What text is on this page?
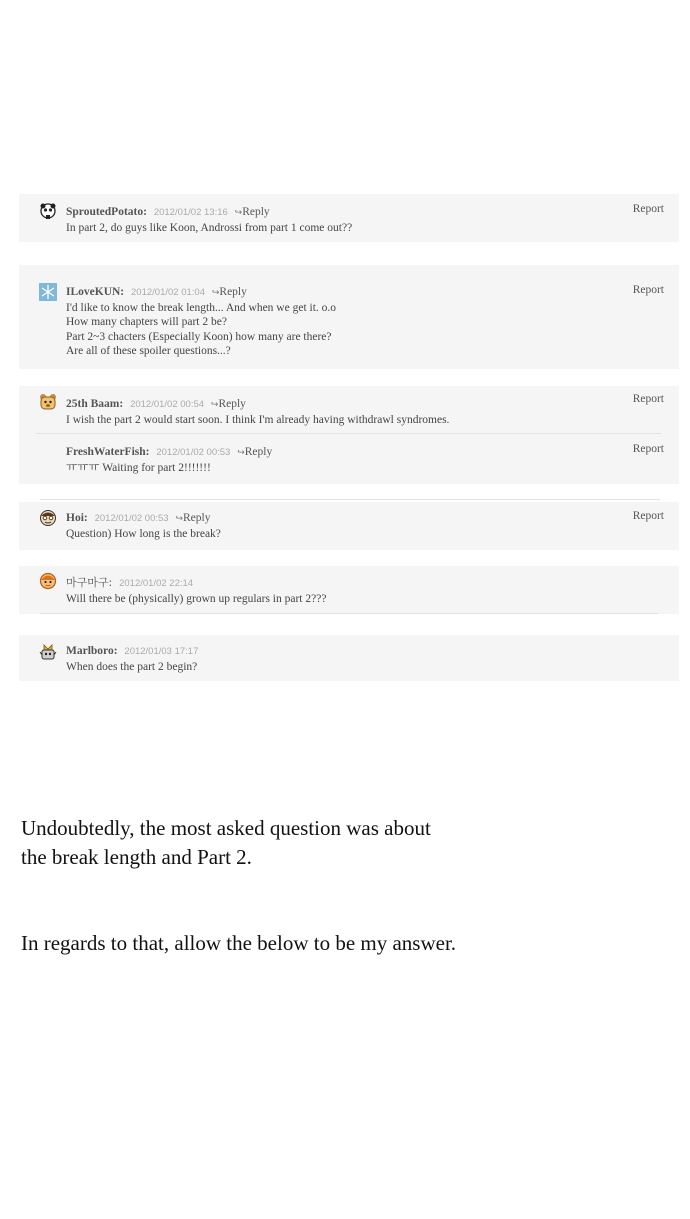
SproutedPotato: 2012/01/02 13:16 ↪Reply
In part 2, do guys like Koon, Androssi from part 1 come out??
Report
ILoveKUN: 2012/01/02 01:04 ↪Reply
I'd like to know the break length... And when we get it. o.o
How many chapters will part 2 be?
Part 2~3 chacters (Especially Koon) how many are there?
Are all of these spoiler questions...?
Report
25th Baam: 2012/01/02 00:54 ↪Reply
I wish the part 2 would start soon. I think I'm already having withdrawl syndromes.
Report
FreshWaterFish: 2012/01/02 00:53 ↪Reply
ㅠㅠㅠ Waiting for part 2!!!!!!!
Report
Hoi: 2012/01/02 00:53 ↪Reply
Question) How long is the break?
Report
마구마구: 2012/01/02 22:14
Will there be (physically) grown up regulars in part 2???
Marlboro: 2012/01/03 17:17
When does the part 2 begin?
Undoubtedly, the most asked question was about
the break length and Part 2.
In regards to that, allow the below to be my answer.
